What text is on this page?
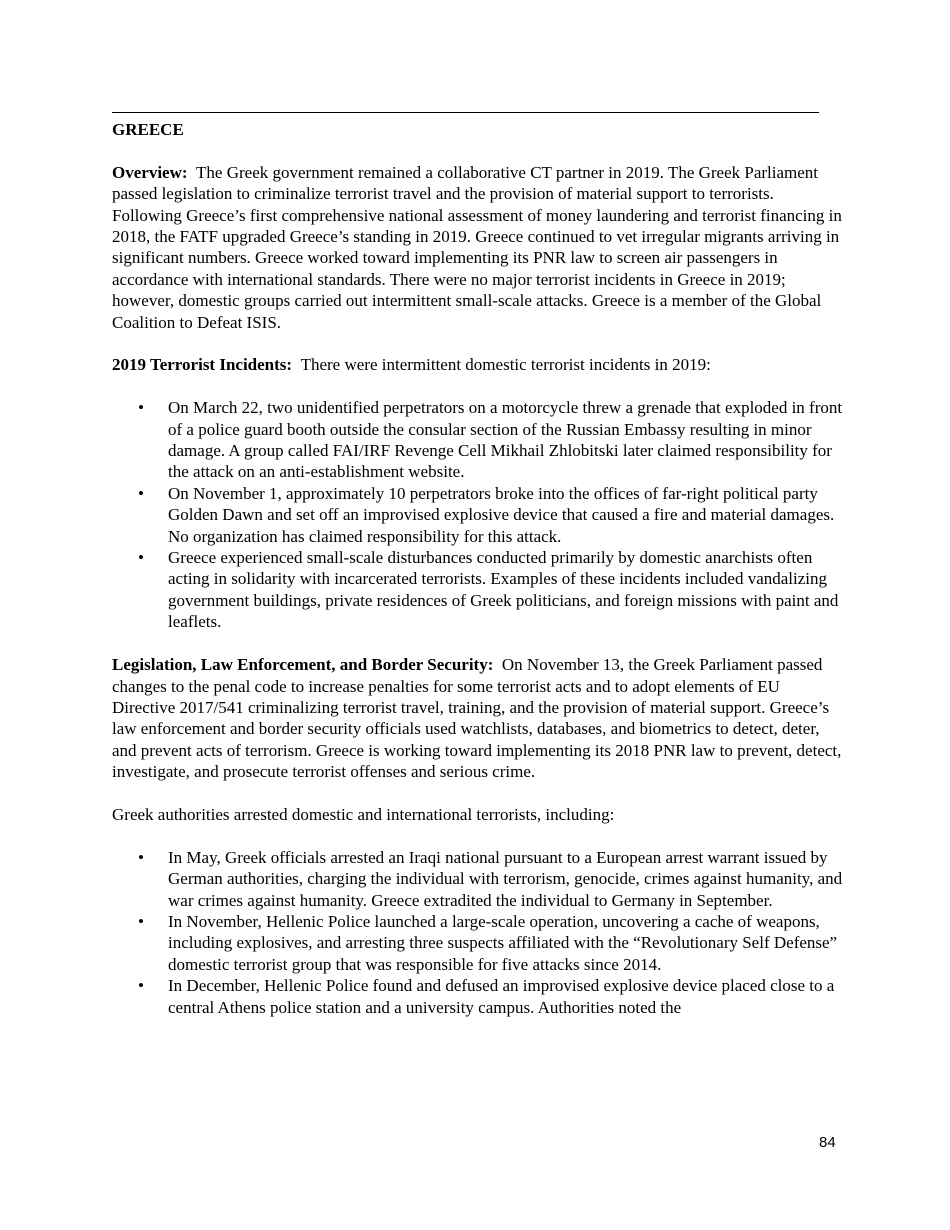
GREECE

Overview: The Greek government remained a collaborative CT partner in 2019. The Greek Parliament passed legislation to criminalize terrorist travel and the provision of material support to terrorists. Following Greece’s first comprehensive national assessment of money laundering and terrorist financing in 2018, the FATF upgraded Greece’s standing in 2019. Greece continued to vet irregular migrants arriving in significant numbers. Greece worked toward implementing its PNR law to screen air passengers in accordance with international standards. There were no major terrorist incidents in Greece in 2019; however, domestic groups carried out intermittent small-scale attacks. Greece is a member of the Global Coalition to Defeat ISIS.

2019 Terrorist Incidents: There were intermittent domestic terrorist incidents in 2019:

• On March 22, two unidentified perpetrators on a motorcycle threw a grenade that exploded in front of a police guard booth outside the consular section of the Russian Embassy resulting in minor damage. A group called FAI/IRF Revenge Cell Mikhail Zhlobitski later claimed responsibility for the attack on an anti-establishment website.
• On November 1, approximately 10 perpetrators broke into the offices of far-right political party Golden Dawn and set off an improvised explosive device that caused a fire and material damages. No organization has claimed responsibility for this attack.
• Greece experienced small-scale disturbances conducted primarily by domestic anarchists often acting in solidarity with incarcerated terrorists. Examples of these incidents included vandalizing government buildings, private residences of Greek politicians, and foreign missions with paint and leaflets.

Legislation, Law Enforcement, and Border Security: On November 13, the Greek Parliament passed changes to the penal code to increase penalties for some terrorist acts and to adopt elements of EU Directive 2017/541 criminalizing terrorist travel, training, and the provision of material support. Greece’s law enforcement and border security officials used watchlists, databases, and biometrics to detect, deter, and prevent acts of terrorism. Greece is working toward implementing its 2018 PNR law to prevent, detect, investigate, and prosecute terrorist offenses and serious crime.

Greek authorities arrested domestic and international terrorists, including:

• In May, Greek officials arrested an Iraqi national pursuant to a European arrest warrant issued by German authorities, charging the individual with terrorism, genocide, crimes against humanity, and war crimes against humanity. Greece extradited the individual to Germany in September.
• In November, Hellenic Police launched a large-scale operation, uncovering a cache of weapons, including explosives, and arresting three suspects affiliated with the “Revolutionary Self Defense” domestic terrorist group that was responsible for five attacks since 2014.
• In December, Hellenic Police found and defused an improvised explosive device placed close to a central Athens police station and a university campus. Authorities noted the
84
